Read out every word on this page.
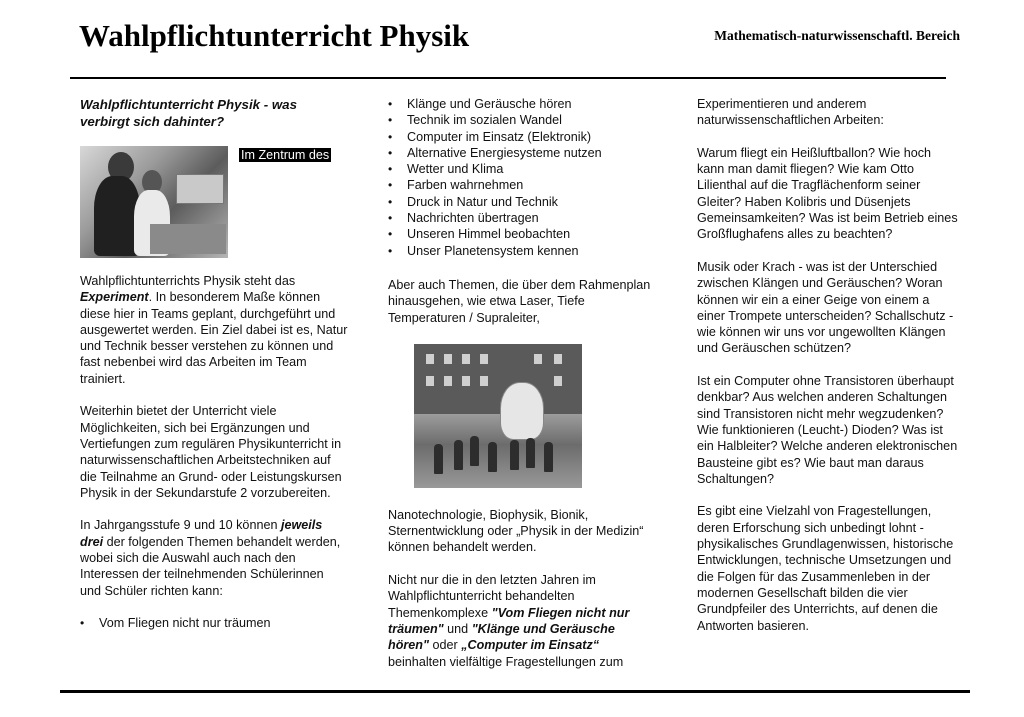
Wahlpflichtunterricht Physik	Mathematisch-naturwissenschaftl. Bereich
Wahlpflichtunterricht Physik - was verbirgt sich dahinter?
Im Zentrum des

Wahlpflichtunterrichts Physik steht das Experiment. In besonderem Maße können diese hier in Teams geplant, durchgeführt und ausgewertet werden. Ein Ziel dabei ist es, Natur und Technik besser verstehen zu können und fast nebenbei wird das Arbeiten im Team trainiert.

Weiterhin bietet der Unterricht viele Möglichkeiten, sich bei Ergänzungen und Vertiefungen zum regulären Physikunterricht in naturwissenschaftlichen Arbeitstechniken auf die Teilnahme an Grund- oder Leistungskursen Physik in der Sekundarstufe 2 vorzubereiten.

In Jahrgangsstufe 9 und 10 können jeweils drei der folgenden Themen behandelt werden, wobei sich die Auswahl auch nach den Interessen der teilnehmenden Schülerinnen und Schüler richten kann:

• Vom Fliegen nicht nur träumen
• Klänge und Geräusche hören
• Technik im sozialen Wandel
• Computer im Einsatz (Elektronik)
• Alternative Energiesysteme nutzen
• Wetter und Klima
• Farben wahrnehmen
• Druck in Natur und Technik
• Nachrichten übertragen
• Unseren Himmel beobachten
• Unser Planetensystem kennen

Aber auch Themen, die über dem Rahmenplan hinausgehen, wie etwa Laser, Tiefe Temperaturen / Supraleiter,

Nanotechnologie, Biophysik, Bionik, Sternentwicklung oder „Physik in der Medizin“ können behandelt werden.

Nicht nur die in den letzten Jahren im Wahlpflichtunterricht behandelten Themenkomplexe "Vom Fliegen nicht nur träumen" und "Klänge und Geräusche hören" oder „Computer im Einsatz“ beinhalten vielfältige Fragestellungen zum

Experimentieren und anderem naturwissenschaftlichen Arbeiten:

Warum fliegt ein Heißluftballon? Wie hoch kann man damit fliegen? Wie kam Otto Lilienthal auf die Tragflächenform seiner Gleiter? Haben Kolibris und Düsenjets Gemeinsamkeiten? Was ist beim Betrieb eines Großflughafens alles zu beachten?

Musik oder Krach - was ist der Unterschied zwischen Klängen und Geräuschen? Woran können wir ein a einer Geige von einem a einer Trompete unterscheiden? Schallschutz - wie können wir uns vor ungewollten Klängen und Geräuschen schützen?

Ist ein Computer ohne Transistoren überhaupt denkbar? Aus welchen anderen Schaltungen sind Transistoren nicht mehr wegzudenken? Wie funktionieren (Leucht-) Dioden? Was ist ein Halbleiter? Welche anderen elektronischen Bausteine gibt es? Wie baut man daraus Schaltungen?

Es gibt eine Vielzahl von Fragestellungen, deren Erforschung sich unbedingt lohnt - physikalisches Grundlagenwissen, historische Entwicklungen, technische Umsetzungen und die Folgen für das Zusammenleben in der modernen Gesellschaft bilden die vier Grundpfeiler des Unterrichts, auf denen die Antworten basieren.
